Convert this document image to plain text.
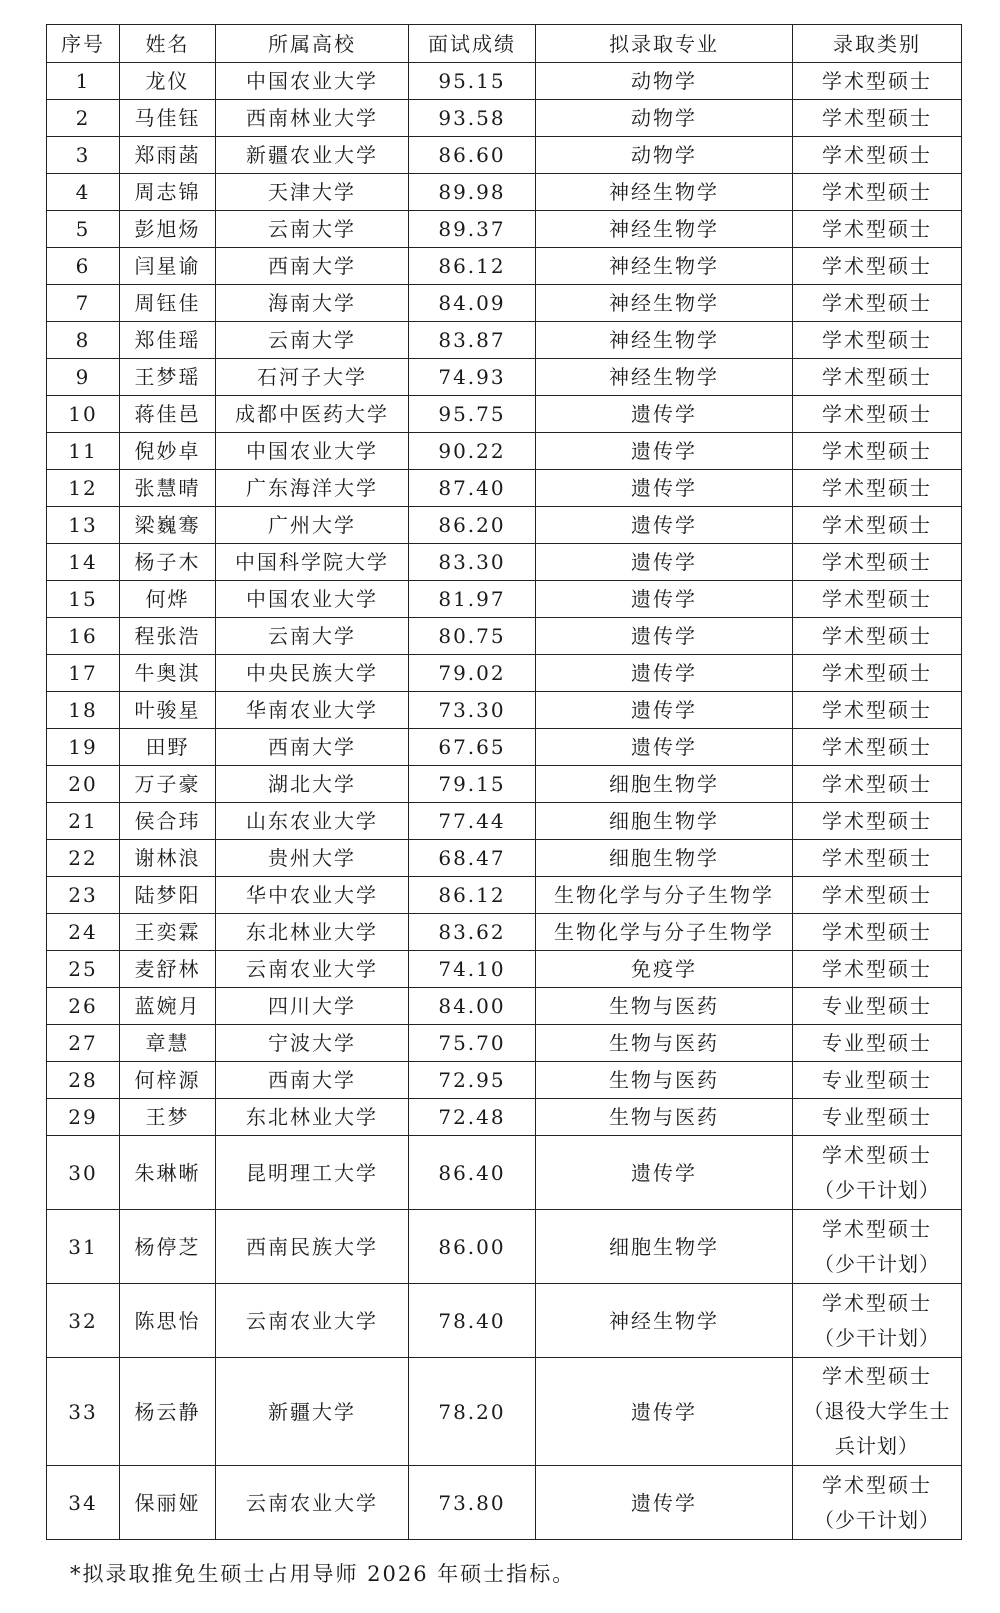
序号	姓名	所属高校	面试成绩	拟录取专业	录取类别
1	龙仪	中国农业大学	95.15	动物学	学术型硕士

2	马佳钰	西南林业大学	93.58	动物学	学术型硕士

3	郑雨菡	新疆农业大学	86.60	动物学	学术型硕士

4	周志锦	天津大学	89.98	神经生物学	学术型硕士

5	彭旭炀	云南大学	89.37	神经生物学	学术型硕士

6	闫星谕	西南大学	86.12	神经生物学	学术型硕士

7	周钰佳	海南大学	84.09	神经生物学	学术型硕士

8	郑佳瑶	云南大学	83.87	神经生物学	学术型硕士

9	王梦瑶	石河子大学	74.93	神经生物学	学术型硕士

10	蒋佳邑	成都中医药大学	95.75	遗传学	学术型硕士

11	倪妙卓	中国农业大学	90.22	遗传学	学术型硕士

12	张慧晴	广东海洋大学	87.40	遗传学	学术型硕士

13	梁巍骞	广州大学	86.20	遗传学	学术型硕士

14	杨子木	中国科学院大学	83.30	遗传学	学术型硕士

15	何烨	中国农业大学	81.97	遗传学	学术型硕士

16	程张浩	云南大学	80.75	遗传学	学术型硕士

17	牛奥淇	中央民族大学	79.02	遗传学	学术型硕士

18	叶骏星	华南农业大学	73.30	遗传学	学术型硕士

19	田野	西南大学	67.65	遗传学	学术型硕士

20	万子豪	湖北大学	79.15	细胞生物学	学术型硕士

21	侯合玮	山东农业大学	77.44	细胞生物学	学术型硕士

22	谢林浪	贵州大学	68.47	细胞生物学	学术型硕士

23	陆梦阳	华中农业大学	86.12	生物化学与分子生物学	学术型硕士

24	王奕霖	东北林业大学	83.62	生物化学与分子生物学	学术型硕士

25	麦舒林	云南农业大学	74.10	免疫学	学术型硕士

26	蓝婉月	四川大学	84.00	生物与医药	专业型硕士

27	章慧	宁波大学	75.70	生物与医药	专业型硕士

28	何梓源	西南大学	72.95	生物与医药	专业型硕士

29	王梦	东北林业大学	72.48	生物与医药	专业型硕士

30	朱琳晰	昆明理工大学	86.40	遗传学	学术型硕士
（少干计划）

31	杨停芝	西南民族大学	86.00	细胞生物学	学术型硕士
（少干计划）

32	陈思怡	云南农业大学	78.40	神经生物学	学术型硕士
（少干计划）

33	杨云静	新疆大学	78.20	遗传学	学术型硕士
（退役大学生士兵计划）

34	保丽娅	云南农业大学	73.80	遗传学	学术型硕士
（少干计划）
*拟录取推免生硕士占用导师 2026 年硕士指标。
